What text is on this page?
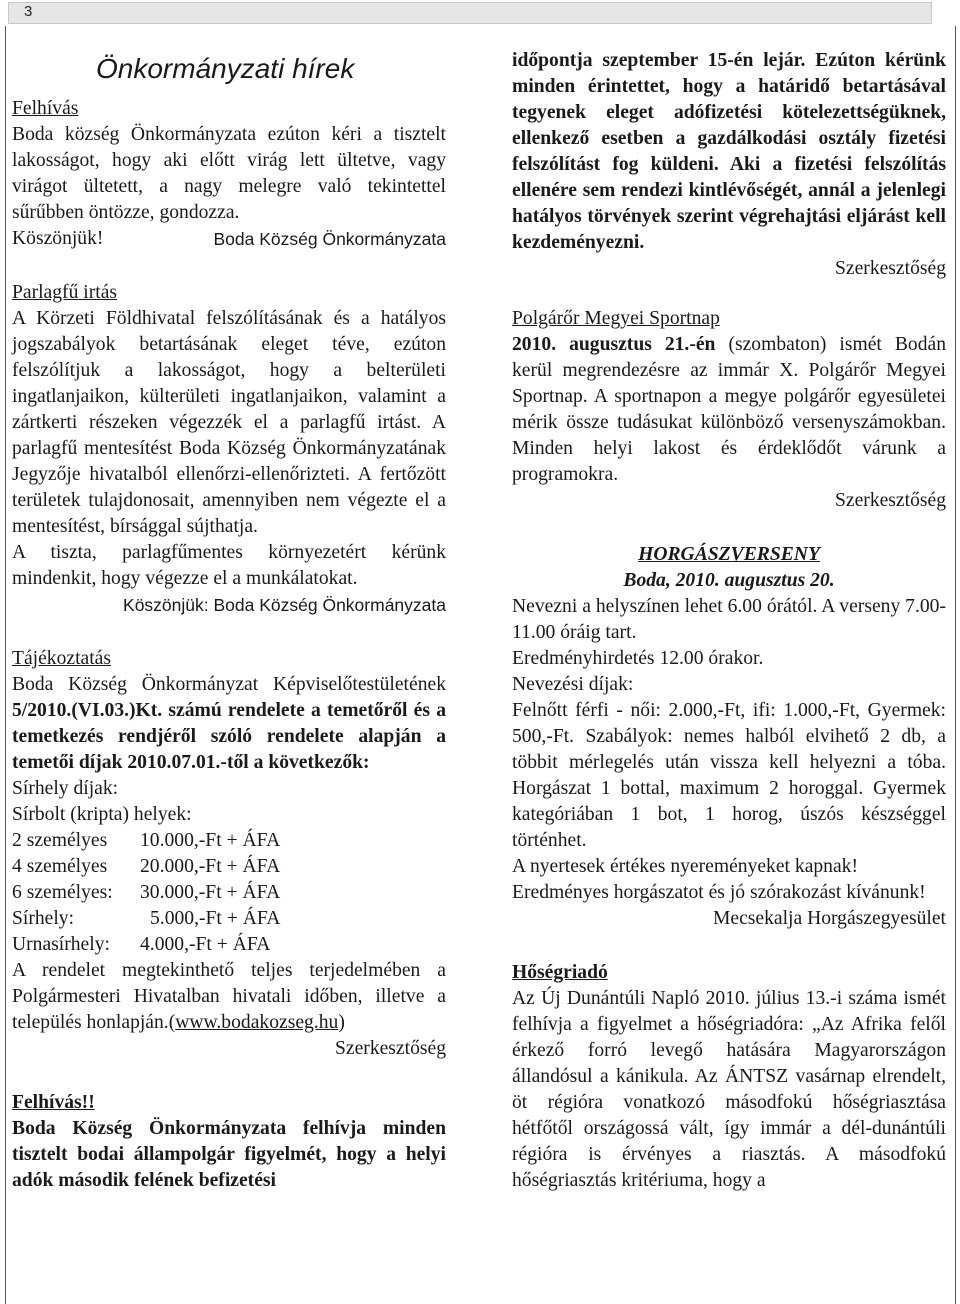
3
Önkormányzati hírek
Felhívás

Boda község Önkormányzata ezúton kéri a tisztelt lakosságot, hogy aki előtt virág lett ültetve, vagy virágot ültetett, a nagy melegre való tekintettel sűrűbben öntözze, gondozza.

Köszönjük!	Boda Község Önkormányzata
Parlagfű irtás

A Körzeti Földhivatal felszólításának és a hatályos jogszabályok betartásának eleget téve, ezúton felszólítjuk a lakosságot, hogy a belterületi ingatlanjaikon, külterületi ingatlanjaikon, valamint a zártkerti részeken végezzék el a parlagfű irtást. A parlagfű mentesítést Boda Község Önkormányzatának Jegyzője hivatalból ellenőrzi-ellenőrizteti. A fertőzött területek tulajdonosait, amennyiben nem végezte el a mentesítést, bírsággal sújthatja.

A tiszta, parlagfűmentes környezetért kérünk mindenkit, hogy végezze el a munkálatokat.

Köszönjük: Boda Község Önkormányzata

Tájékoztatás

Boda Község Önkormányzat Képviselőtestületének 5/2010.(VI.03.)Kt. számú rendelete a temetőről és a temetkezés rendjéről szóló rendelete alapján a temetői díjak 2010.07.01.-től a következők:

Sírhely díjak:

Sírbolt (kripta) helyek:

2 személyes	10.000,-Ft + ÁFA
4 személyes	20.000,-Ft + ÁFA
6 személyes:	30.000,-Ft + ÁFA
Sírhely:	5.000,-Ft + ÁFA
Urnasírhely:	4.000,-Ft + ÁFA

A rendelet megtekinthető teljes terjedelmében a Polgármesteri Hivatalban hivatali időben, illetve a település honlapján.(www.bodakozseg.hu)

Szerkesztőség

Felhívás!!

Boda Község Önkormányzata felhívja minden tisztelt bodai állampolgár figyelmét, hogy a helyi adók második felének befizetési

időpontja szeptember 15-én lejár. Ezúton kérünk minden érintettet, hogy a határidő betartásával tegyenek eleget adófizetési kötelezettségüknek, ellenkező esetben a gazdálkodási osztály fizetési felszólítást fog küldeni. Aki a fizetési felszólítás ellenére sem rendezi kintlévőségét, annál a jelenlegi hatályos törvények szerint végrehajtási eljárást kell kezdeményezni.

Szerkesztőség

Polgárőr Megyei Sportnap

2010. augusztus 21.-én (szombaton) ismét Bodán kerül megrendezésre az immár X. Polgárőr Megyei Sportnap. A sportnapon a megye polgárőr egyesületei mérik össze tudásukat különböző versenyszámokban. Minden helyi lakost és érdeklődőt várunk a programokra.

Szerkesztőség

HORGÁSZVERSENY

Boda, 2010. augusztus 20.

Nevezni a helyszínen lehet 6.00 órától. A verseny 7.00-11.00 óráig tart.

Eredményhirdetés 12.00 órakor.

Nevezési díjak:

Felnőtt férfi - női: 2.000,-Ft, ifi: 1.000,-Ft, Gyermek: 500,-Ft. Szabályok: nemes halból elvihető 2 db, a többit mérlegelés után vissza kell helyezni a tóba. Horgászat 1 bottal, maximum 2 horoggal. Gyermek kategóriában 1 bot, 1 horog, úszós készséggel történhet.

A nyertesek értékes nyereményeket kapnak!

Eredményes horgászatot és jó szórakozást kívánunk!

Mecsekalja Horgászegyesület

Hőségriadó

Az Új Dunántúli Napló 2010. július 13.-i száma ismét felhívja a figyelmet a hőségriadóra: „Az Afrika felől érkező forró levegő hatására Magyarországon állandósul a kánikula. Az ÁNTSZ vasárnap elrendelt, öt régióra vonatkozó másodfokú hőségriasztása hétfőtől országossá vált, így immár a dél-dunántúli régióra is érvényes a riasztás. A másodfokú hőségriasztás kritériuma, hogy a
